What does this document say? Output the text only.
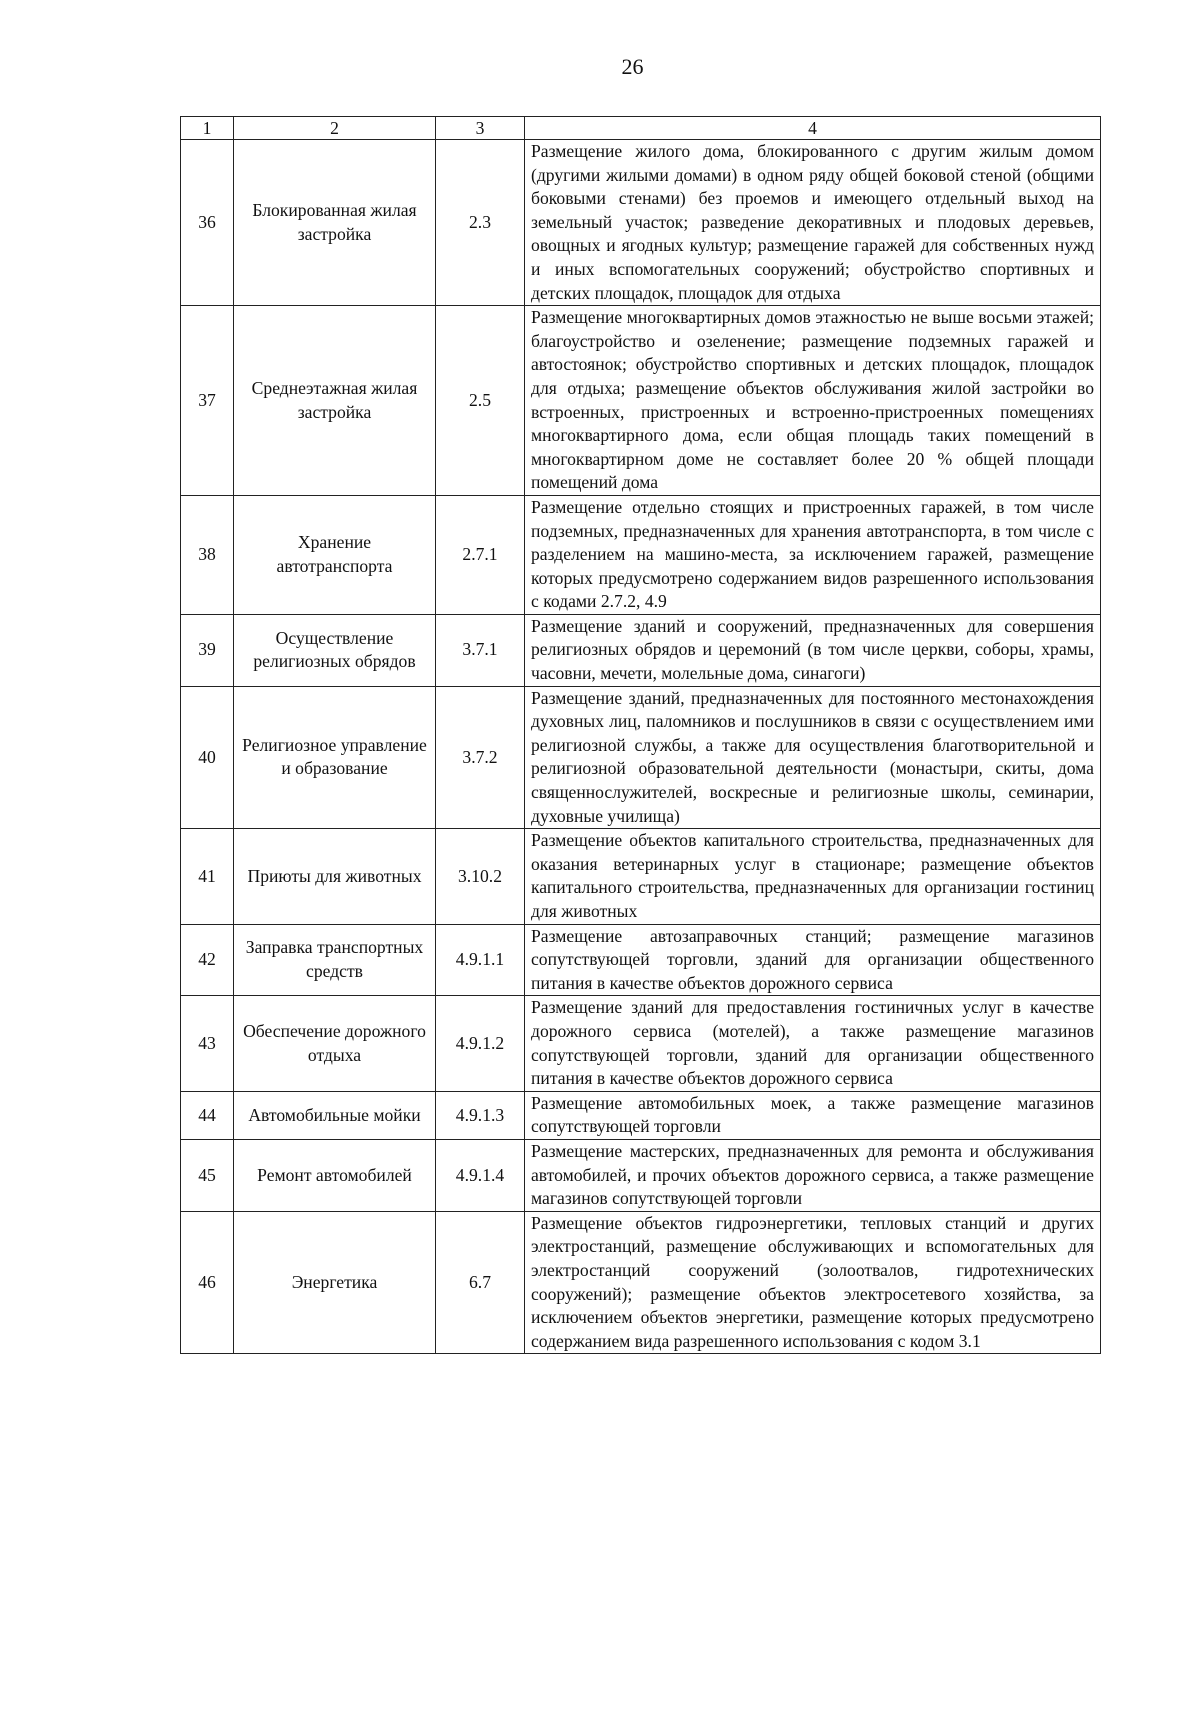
26
1	2	3	4
36	Блокированная жилая застройка	2.3	Размещение жилого дома, блокированного с другим жилым домом (другими жилыми домами) в одном ряду общей боковой стеной (общими боковыми стенами) без проемов и имеющего отдельный выход на земельный участок; разведение декоративных и плодовых деревьев, овощных и ягодных культур; размещение гаражей для собственных нужд и иных вспомогательных сооружений; обустройство спортивных и детских площадок, площадок для отдыха
37	Среднеэтажная жилая застройка	2.5	Размещение многоквартирных домов этажностью не выше восьми этажей; благоустройство и озеленение; размещение подземных гаражей и автостоянок; обустройство спортивных и детских площадок, площадок для отдыха; размещение объектов обслуживания жилой застройки во встроенных, пристроенных и встроенно-пристроенных помещениях многоквартирного дома, если общая площадь таких помещений в многоквартирном доме не составляет более 20 % общей площади помещений дома
38	Хранение автотранспорта	2.7.1	Размещение отдельно стоящих и пристроенных гаражей, в том числе подземных, предназначенных для хранения автотранспорта, в том числе с разделением на машино-места, за исключением гаражей, размещение которых предусмотрено содержанием видов разрешенного использования с кодами 2.7.2, 4.9
39	Осуществление религиозных обрядов	3.7.1	Размещение зданий и сооружений, предназначенных для совершения религиозных обрядов и церемоний (в том числе церкви, соборы, храмы, часовни, мечети, молельные дома, синагоги)
40	Религиозное управление и образование	3.7.2	Размещение зданий, предназначенных для постоянного местонахождения духовных лиц, паломников и послушников в связи с осуществлением ими религиозной службы, а также для осуществления благотворительной и религиозной образовательной деятельности (монастыри, скиты, дома священнослужителей, воскресные и религиозные школы, семинарии, духовные училища)
41	Приюты для животных	3.10.2	Размещение объектов капитального строительства, предназначенных для оказания ветеринарных услуг в стационаре; размещение объектов капитального строительства, предназначенных для организации гостиниц для животных
42	Заправка транспортных средств	4.9.1.1	Размещение автозаправочных станций; размещение магазинов сопутствующей торговли, зданий для организации общественного питания в качестве объектов дорожного сервиса
43	Обеспечение дорожного отдыха	4.9.1.2	Размещение зданий для предоставления гостиничных услуг в качестве дорожного сервиса (мотелей), а также размещение магазинов сопутствующей торговли, зданий для организации общественного питания в качестве объектов дорожного сервиса
44	Автомобильные мойки	4.9.1.3	Размещение автомобильных моек, а также размещение магазинов сопутствующей торговли
45	Ремонт автомобилей	4.9.1.4	Размещение мастерских, предназначенных для ремонта и обслуживания автомобилей, и прочих объектов дорожного сервиса, а также размещение магазинов сопутствующей торговли
46	Энергетика	6.7	Размещение объектов гидроэнергетики, тепловых станций и других электростанций, размещение обслуживающих и вспомогательных для электростанций сооружений (золоотвалов, гидротехнических сооружений); размещение объектов электросетевого хозяйства, за исключением объектов энергетики, размещение которых предусмотрено содержанием вида разрешенного использования с кодом 3.1
